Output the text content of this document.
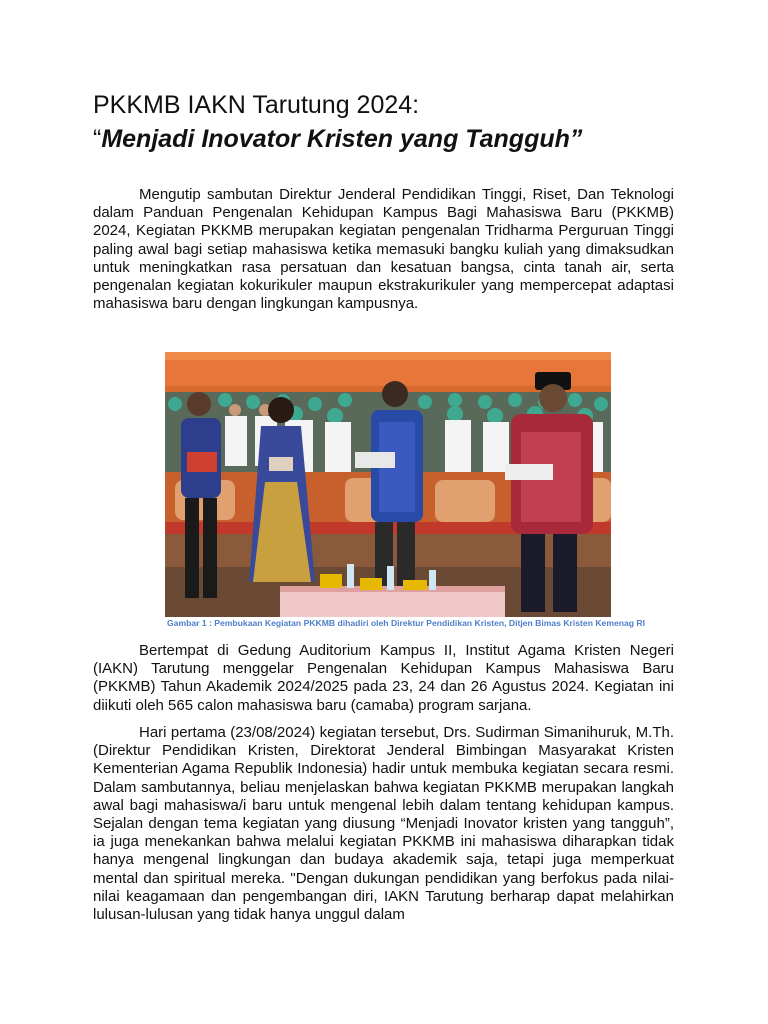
PKKMB IAKN Tarutung 2024:
“Menjadi Inovator Kristen yang Tangguh”

Mengutip sambutan Direktur Jenderal Pendidikan Tinggi, Riset, Dan Teknologi dalam Panduan Pengenalan Kehidupan Kampus Bagi Mahasiswa Baru (PKKMB) 2024, Kegiatan PKKMB merupakan kegiatan pengenalan Tridharma Perguruan Tinggi paling awal bagi setiap mahasiswa ketika memasuki bangku kuliah yang dimaksudkan untuk meningkatkan rasa persatuan dan kesatuan bangsa, cinta tanah air, serta pengenalan kegiatan kokurikuler maupun ekstrakurikuler yang mempercepat adaptasi mahasiswa baru dengan lingkungan kampusnya.

Gambar 1 : Pembukaan Kegiatan PKKMB dihadiri oleh Direktur Pendidikan Kristen, Ditjen Bimas Kristen Kemenag RI

Bertempat di Gedung Auditorium Kampus II, Institut Agama Kristen Negeri (IAKN) Tarutung menggelar Pengenalan Kehidupan Kampus Mahasiswa Baru (PKKMB) Tahun Akademik 2024/2025 pada 23, 24 dan 26 Agustus 2024. Kegiatan ini diikuti oleh 565 calon mahasiswa baru (camaba) program sarjana.

Hari pertama (23/08/2024) kegiatan tersebut, Drs. Sudirman Simanihuruk, M.Th. (Direktur Pendidikan Kristen, Direktorat Jenderal Bimbingan Masyarakat Kristen Kementerian Agama Republik Indonesia) hadir untuk membuka kegiatan secara resmi. Dalam sambutannya, beliau menjelaskan bahwa kegiatan PKKMB merupakan langkah awal bagi mahasiswa/i baru untuk mengenal lebih dalam tentang kehidupan kampus. Sejalan dengan tema kegiatan yang diusung “Menjadi Inovator kristen yang tangguh”, ia juga menekankan bahwa melalui kegiatan PKKMB ini mahasiswa diharapkan tidak hanya mengenal lingkungan dan budaya akademik saja, tetapi juga memperkuat mental dan spiritual mereka. "Dengan dukungan pendidikan yang berfokus pada nilai-nilai keagamaan dan pengembangan diri, IAKN Tarutung berharap dapat melahirkan lulusan-lulusan yang tidak hanya unggul dalam
